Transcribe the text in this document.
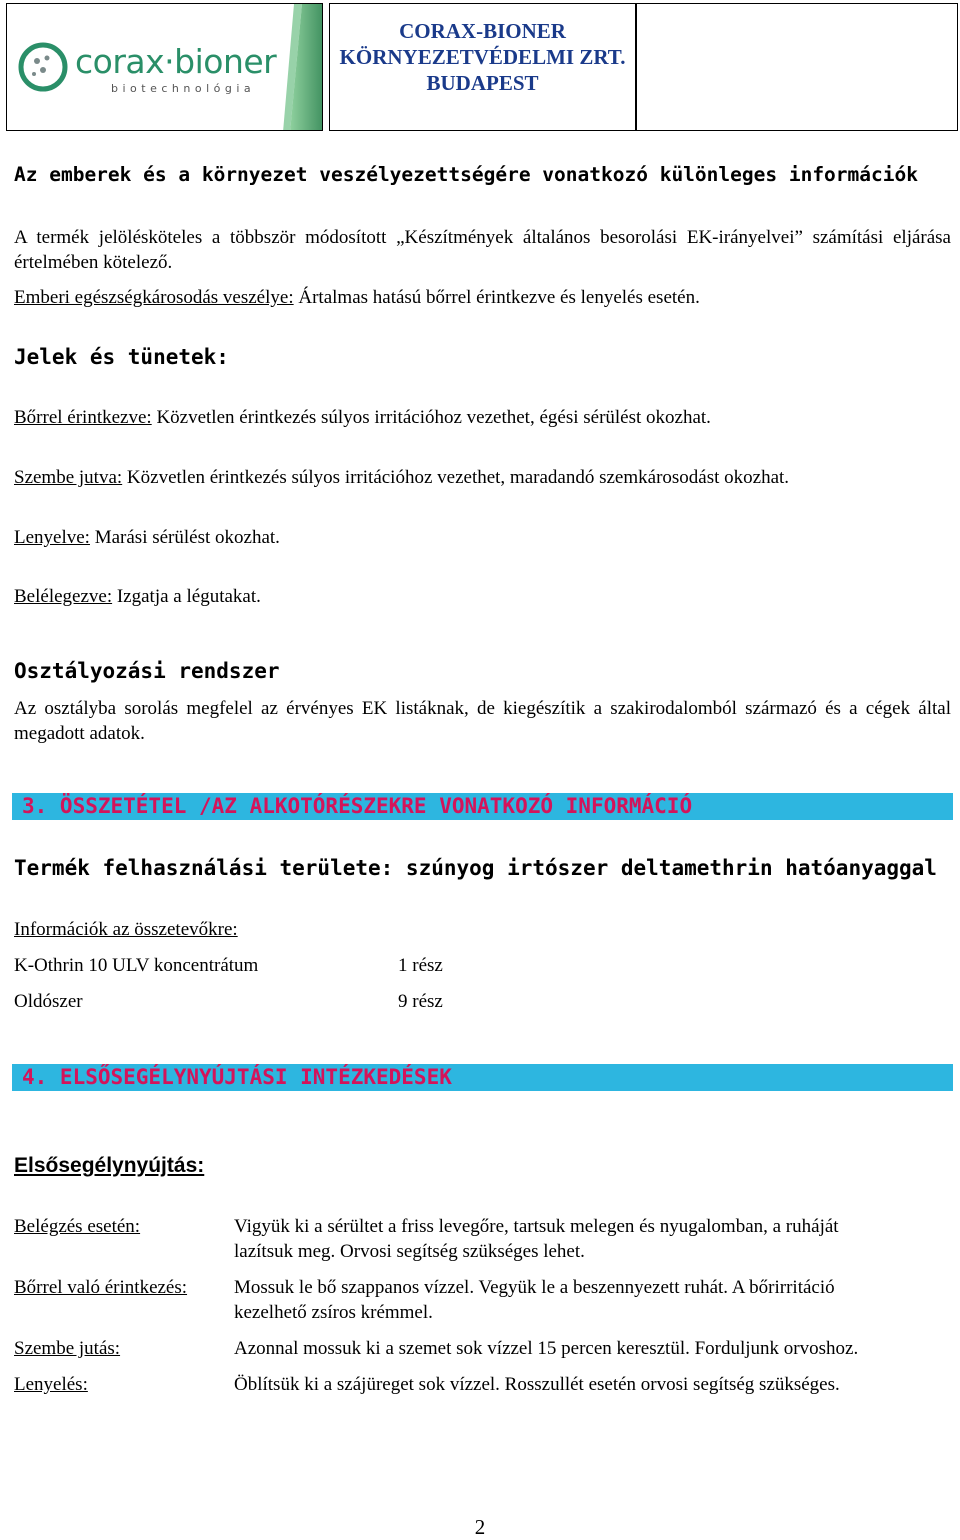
corax·bioner
biotechnológia
CORAX-BIONER
KÖRNYEZETVÉDELMI ZRT.
BUDAPEST
Az emberek és a környezet veszélyezettségére vonatkozó különleges információk
A termék jelölésköteles a többször módosított „Készítmények általános besorolási EK-irányelvei” számítási eljárása értelmében kötelező.
Emberi egészségkárosodás veszélye: Ártalmas hatású bőrrel érintkezve és lenyelés esetén.
Jelek és tünetek:
Bőrrel érintkezve: Közvetlen érintkezés súlyos irritációhoz vezethet, égési sérülést okozhat.
Szembe jutva: Közvetlen érintkezés súlyos irritációhoz vezethet, maradandó szemkárosodást okozhat.
Lenyelve: Marási sérülést okozhat.
Belélegezve: Izgatja a légutakat.
Osztályozási rendszer
Az osztályba sorolás megfelel az érvényes EK listáknak, de kiegészítik a szakirodalomból származó és a cégek által megadott adatok.
3. ÖSSZETÉTEL /AZ ALKOTÓRÉSZEKRE VONATKOZÓ INFORMÁCIÓ
Termék felhasználási területe: szúnyog irtószer deltamethrin hatóanyaggal
Információk az összetevőkre:
K-Othrin 10 ULV koncentrátum	1 rész
Oldószer	9 rész
4. ELSŐSEGÉLYNYÚJTÁSI INTÉZKEDÉSEK
Elsősegélynyújtás:
Belégzés esetén:	Vigyük ki a sérültet a friss levegőre, tartsuk melegen és nyugalomban, a ruháját
lazítsuk meg. Orvosi segítség szükséges lehet.
Bőrrel való érintkezés: Mossuk le bő szappanos vízzel. Vegyük le a beszennyezett ruhát. A bőrirritáció
kezelhető zsíros krémmel.
Szembe jutás:	Azonnal mossuk ki a szemet sok vízzel 15 percen keresztül. Forduljunk orvoshoz.
Lenyelés:	Öblítsük ki a szájüreget sok vízzel. Rosszullét esetén orvosi segítség szükséges.
2
